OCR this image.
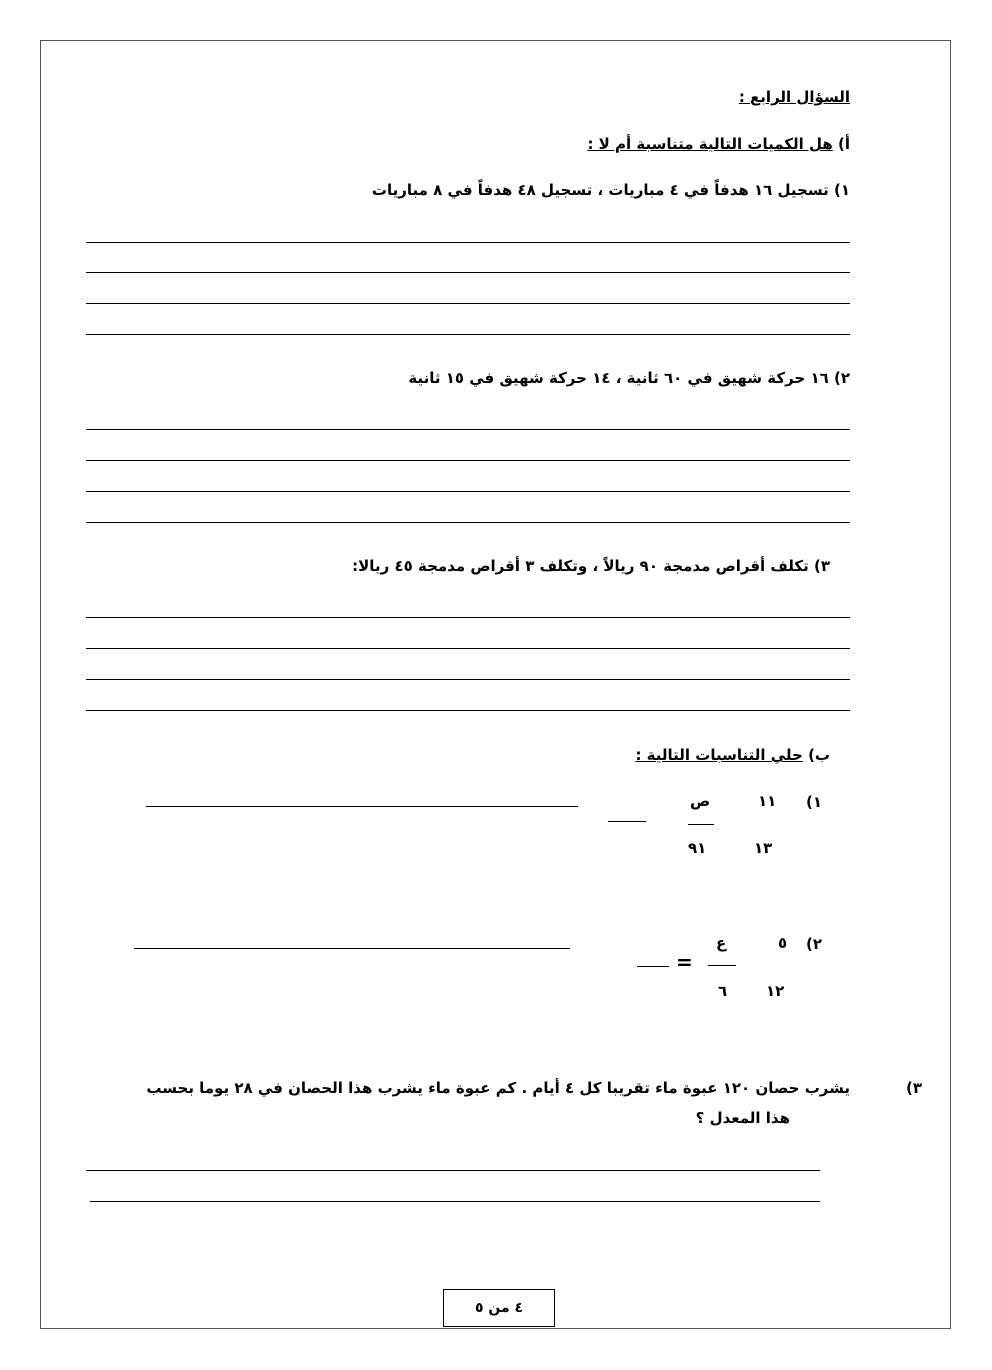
السؤال الرابع :
أ) هل الكميات التالية متناسبة أم لا :
١) تسجيل ١٦ هدفاً في ٤ مباريات ، تسجيل ٤٨ هدفاً في ٨ مباريات
٢) ١٦ حركة شهيق في ٦٠ ثانية ، ١٤ حركة شهيق في ١٥ ثانية
٣) تكلف أقراص مدمجة ٩٠ ريالاً ، وتكلف ٣ أقراص مدمجة ٤٥ ريالا:
ب) حلي التناسبات التالية :
١)
١١
١٣
ص
٩١
٢)
٥
١٢
ع
٦
=
٣)
يشرب حصان ١٢٠ عبوة ماء تقريبا كل ٤ أيام . كم عبوة ماء يشرب هذا الحصان في ٢٨ يوما بحسب
هذا المعدل ؟
٤ من ٥
